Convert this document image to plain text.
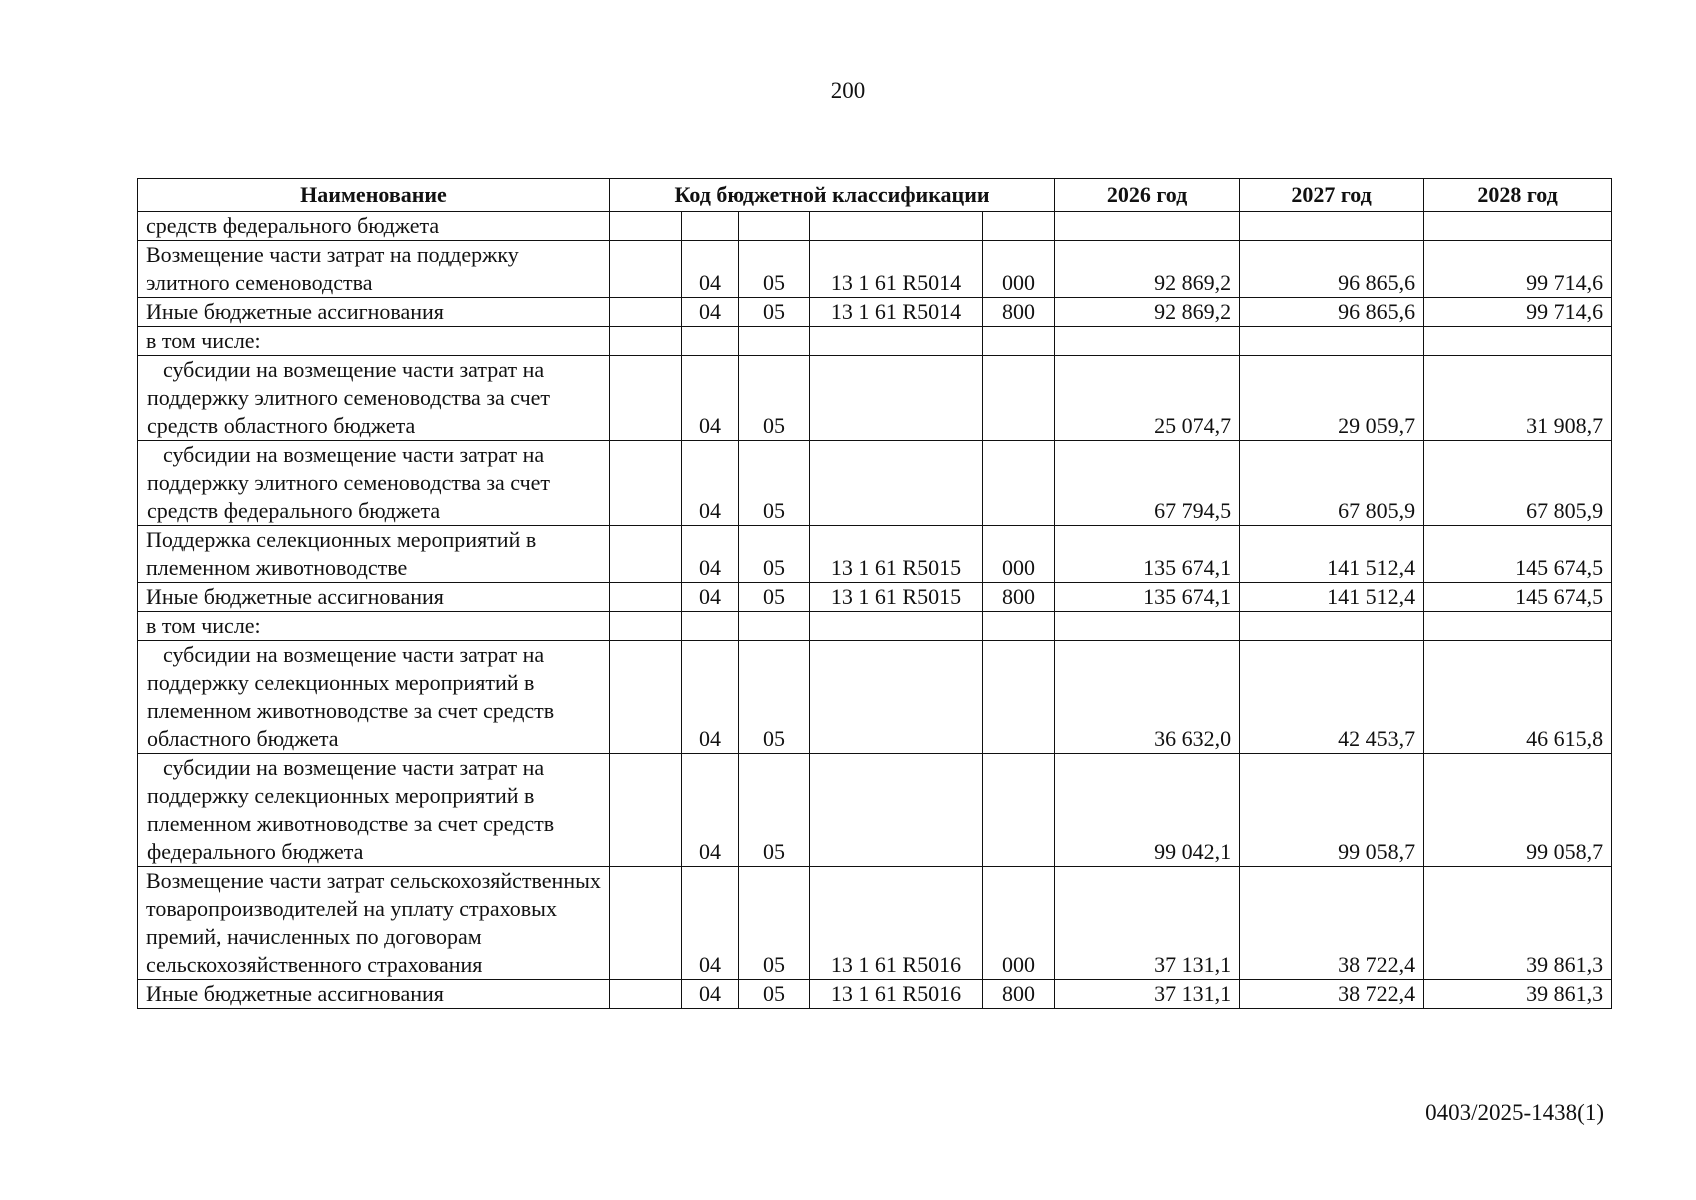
200
Наименование	Код бюджетной классификации					2026 год	2027 год	2028 год
средств федерального бюджета								
Возмещение части затрат на поддержку элитного семеноводства		04	05	13 1 61 R5014	000	92 869,2	96 865,6	99 714,6
Иные бюджетные ассигнования		04	05	13 1 61 R5014	800	92 869,2	96 865,6	99 714,6
в том числе:								
субсидии на возмещение части затрат на поддержку элитного семеноводства за счет средств областного бюджета		04	05			25 074,7	29 059,7	31 908,7
субсидии на возмещение части затрат на поддержку элитного семеноводства за счет средств федерального бюджета		04	05			67 794,5	67 805,9	67 805,9
Поддержка селекционных мероприятий в племенном животноводстве		04	05	13 1 61 R5015	000	135 674,1	141 512,4	145 674,5
Иные бюджетные ассигнования		04	05	13 1 61 R5015	800	135 674,1	141 512,4	145 674,5
в том числе:								
субсидии на возмещение части затрат на поддержку селекционных мероприятий в племенном животноводстве за счет средств областного бюджета		04	05			36 632,0	42 453,7	46 615,8
субсидии на возмещение части затрат на поддержку селекционных мероприятий в племенном животноводстве за счет средств федерального бюджета		04	05			99 042,1	99 058,7	99 058,7
Возмещение части затрат сельскохозяйственных товаропроизводителей на уплату страховых премий, начисленных по договорам сельскохозяйственного страхования		04	05	13 1 61 R5016	000	37 131,1	38 722,4	39 861,3
Иные бюджетные ассигнования		04	05	13 1 61 R5016	800	37 131,1	38 722,4	39 861,3
0403/2025-1438(1)
